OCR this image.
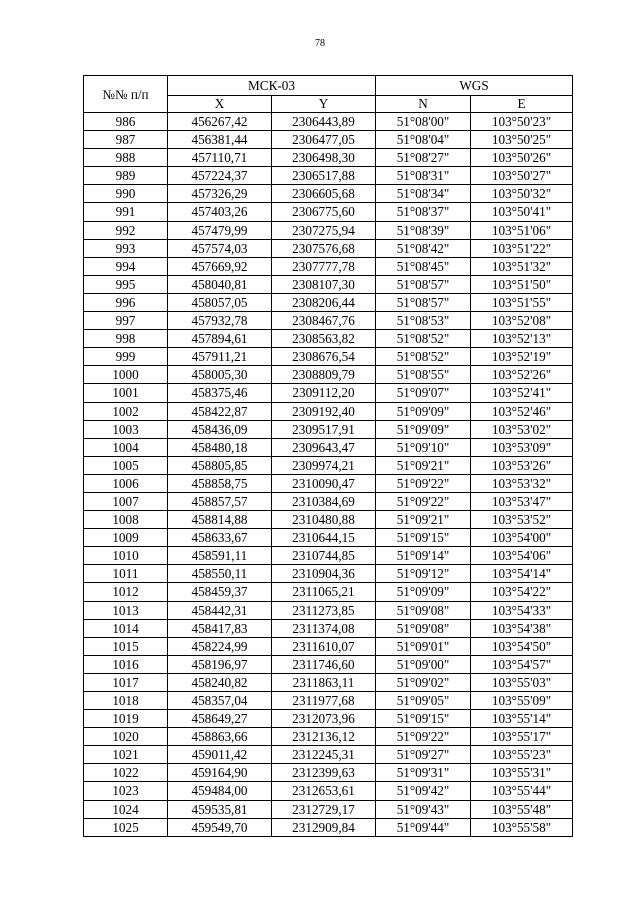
78
№№ п/п	МСК-03		WGS	
	X	Y	N	E
986	456267,42	2306443,89	51°08'00"	103°50'23"
987	456381,44	2306477,05	51°08'04"	103°50'25"
988	457110,71	2306498,30	51°08'27"	103°50'26"
989	457224,37	2306517,88	51°08'31"	103°50'27"
990	457326,29	2306605,68	51°08'34"	103°50'32"
991	457403,26	2306775,60	51°08'37"	103°50'41"
992	457479,99	2307275,94	51°08'39"	103°51'06"
993	457574,03	2307576,68	51°08'42"	103°51'22"
994	457669,92	2307777,78	51°08'45"	103°51'32"
995	458040,81	2308107,30	51°08'57"	103°51'50"
996	458057,05	2308206,44	51°08'57"	103°51'55"
997	457932,78	2308467,76	51°08'53"	103°52'08"
998	457894,61	2308563,82	51°08'52"	103°52'13"
999	457911,21	2308676,54	51°08'52"	103°52'19"
1000	458005,30	2308809,79	51°08'55"	103°52'26"
1001	458375,46	2309112,20	51°09'07"	103°52'41"
1002	458422,87	2309192,40	51°09'09"	103°52'46"
1003	458436,09	2309517,91	51°09'09"	103°53'02"
1004	458480,18	2309643,47	51°09'10"	103°53'09"
1005	458805,85	2309974,21	51°09'21"	103°53'26"
1006	458858,75	2310090,47	51°09'22"	103°53'32"
1007	458857,57	2310384,69	51°09'22"	103°53'47"
1008	458814,88	2310480,88	51°09'21"	103°53'52"
1009	458633,67	2310644,15	51°09'15"	103°54'00"
1010	458591,11	2310744,85	51°09'14"	103°54'06"
1011	458550,11	2310904,36	51°09'12"	103°54'14"
1012	458459,37	2311065,21	51°09'09"	103°54'22"
1013	458442,31	2311273,85	51°09'08"	103°54'33"
1014	458417,83	2311374,08	51°09'08"	103°54'38"
1015	458224,99	2311610,07	51°09'01"	103°54'50"
1016	458196,97	2311746,60	51°09'00"	103°54'57"
1017	458240,82	2311863,11	51°09'02"	103°55'03"
1018	458357,04	2311977,68	51°09'05"	103°55'09"
1019	458649,27	2312073,96	51°09'15"	103°55'14"
1020	458863,66	2312136,12	51°09'22"	103°55'17"
1021	459011,42	2312245,31	51°09'27"	103°55'23"
1022	459164,90	2312399,63	51°09'31"	103°55'31"
1023	459484,00	2312653,61	51°09'42"	103°55'44"
1024	459535,81	2312729,17	51°09'43"	103°55'48"
1025	459549,70	2312909,84	51°09'44"	103°55'58"
